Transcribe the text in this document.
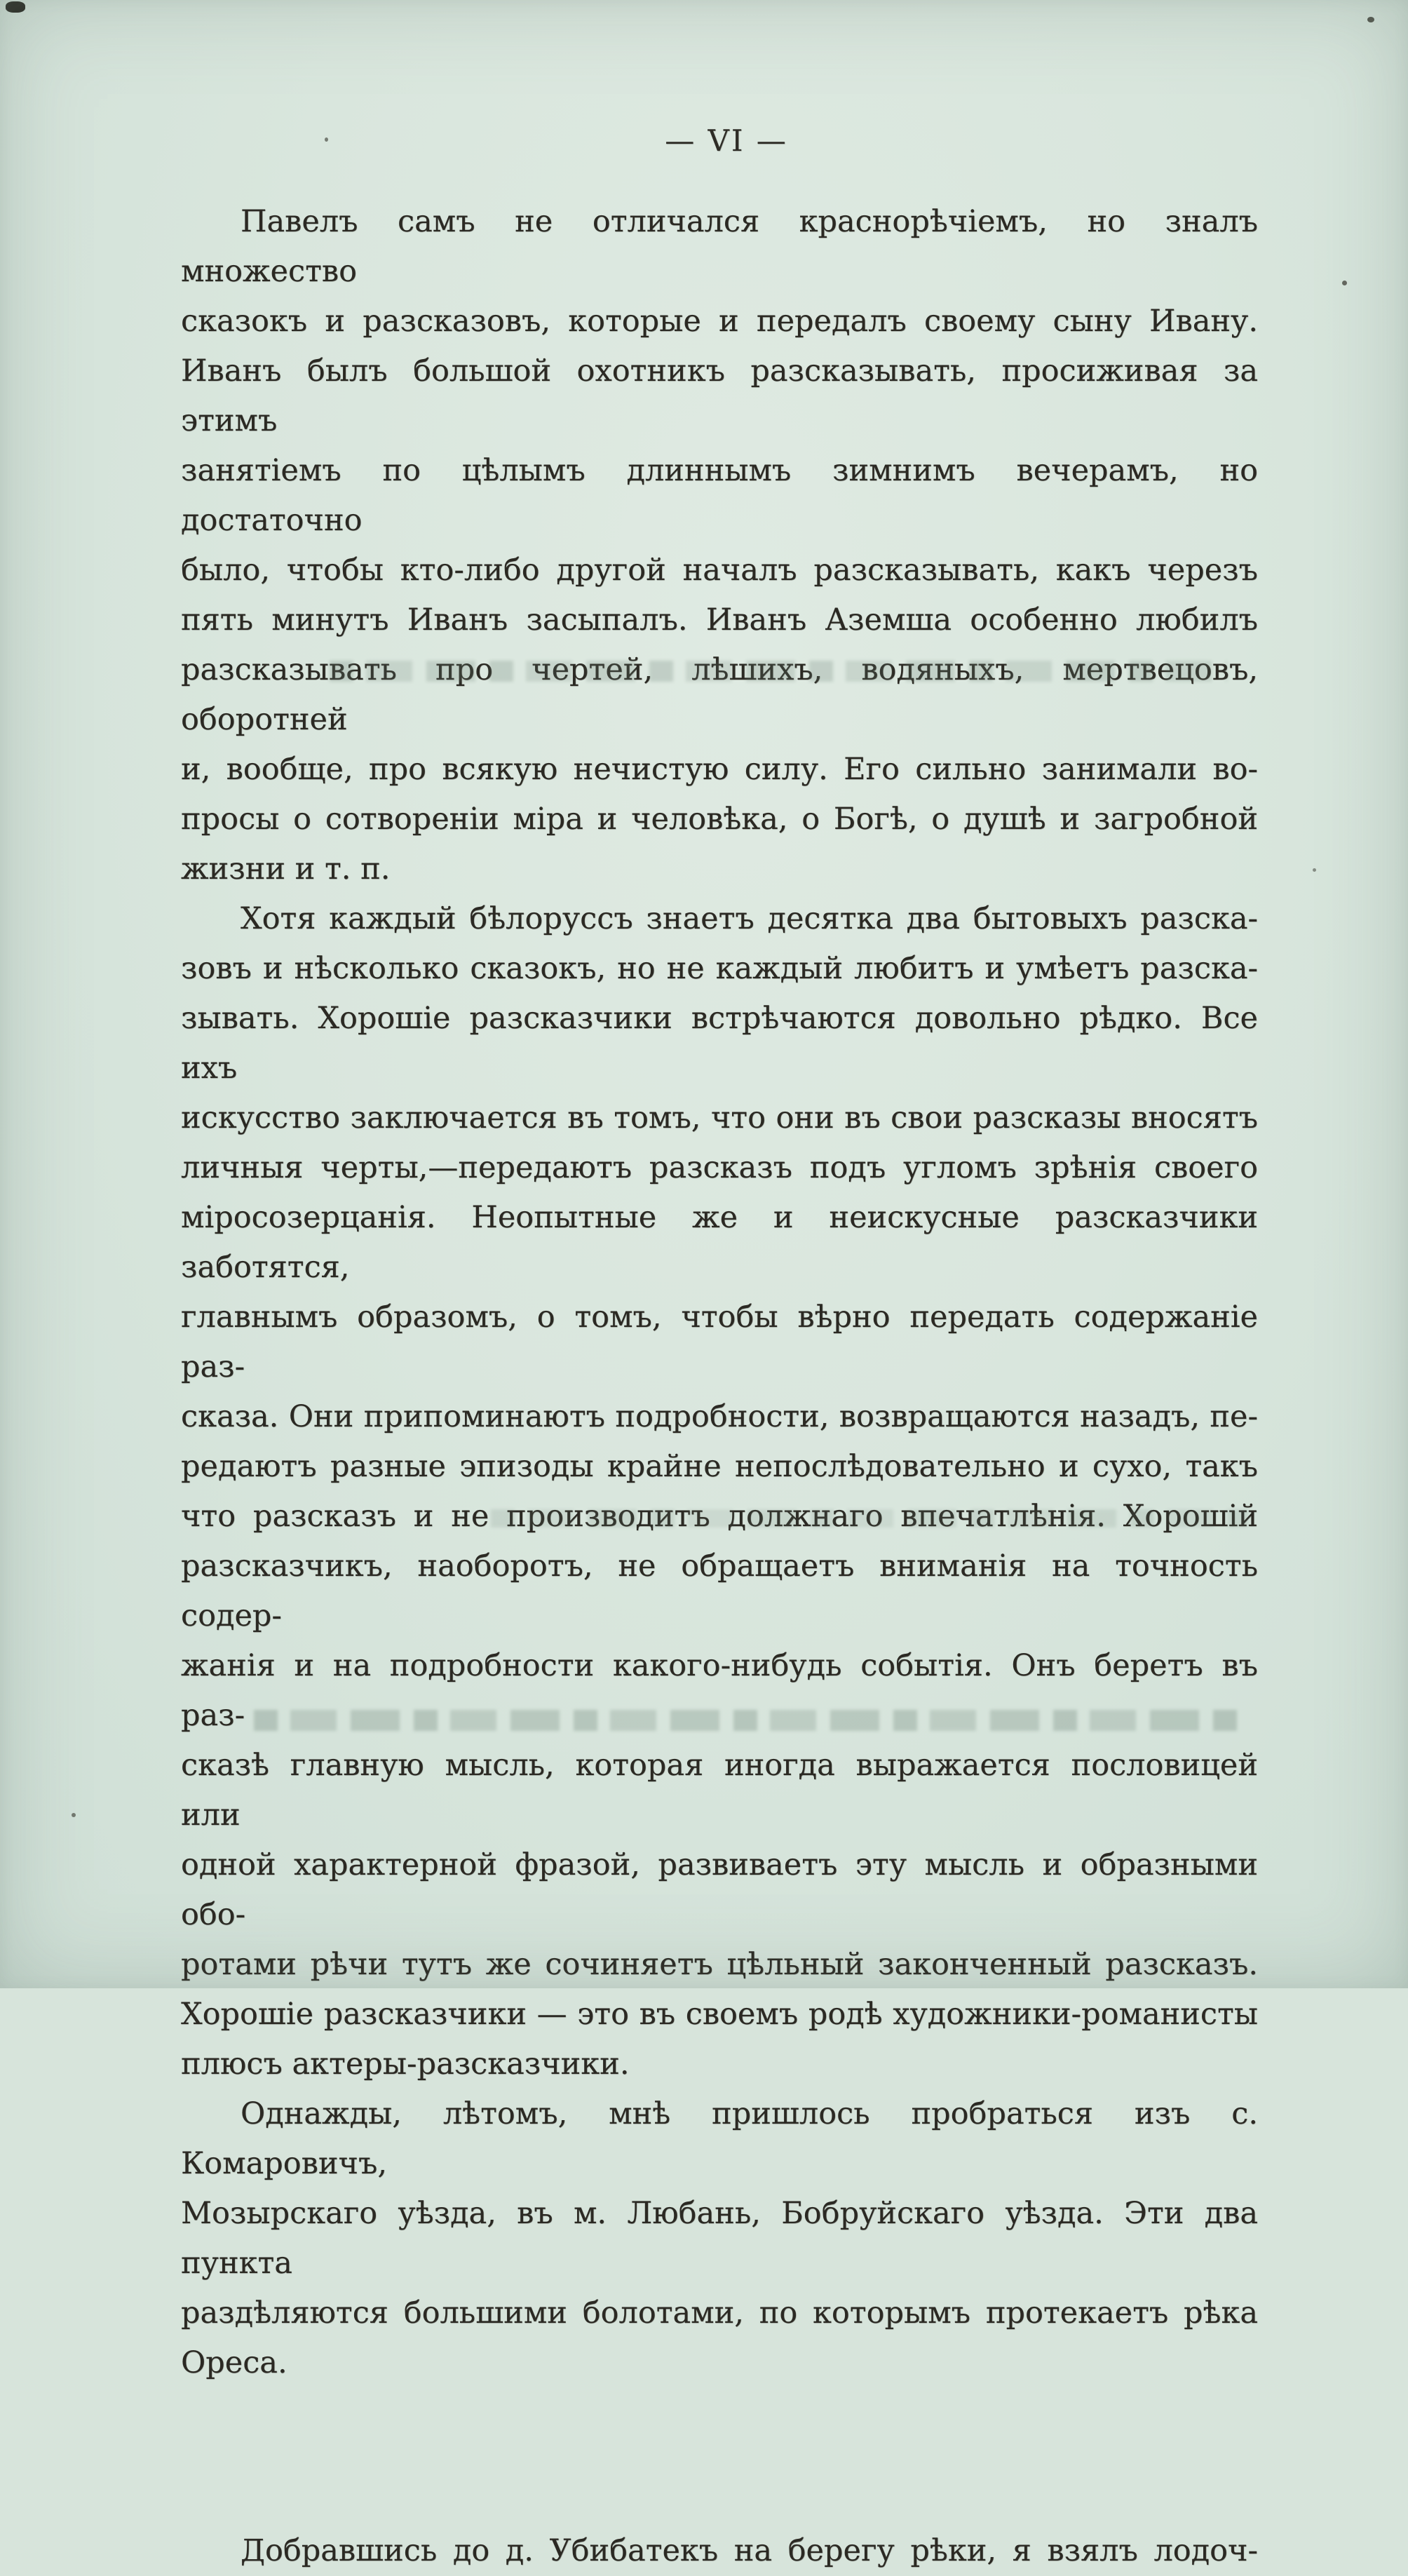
— VI —
Павелъ самъ не отличался краснорѣчіемъ, но зналъ множество
сказокъ и разсказовъ, которые и передалъ своему сыну Ивану.
Иванъ былъ большой охотникъ разсказывать, просиживая за этимъ
занятіемъ по цѣлымъ длиннымъ зимнимъ вечерамъ, но достаточно
было, чтобы кто-либо другой началъ разсказывать, какъ черезъ
пять минутъ Иванъ засыпалъ. Иванъ Аземша особенно любилъ
разсказывать про чертей, лѣшихъ, водяныхъ, мертвецовъ, оборотней
и, вообще, про всякую нечистую силу. Его сильно занимали во-
просы о сотвореніи міра и человѣка, о Богѣ, о душѣ и загробной
жизни и т. п.
Хотя каждый бѣлоруссъ знаетъ десятка два бытовыхъ разска-
зовъ и нѣсколько сказокъ, но не каждый любитъ и умѣетъ разска-
зывать. Хорошіе разсказчики встрѣчаются довольно рѣдко. Все ихъ
искусство заключается въ томъ, что они въ свои разсказы вносятъ
личныя черты,—передаютъ разсказъ подъ угломъ зрѣнія своего
міросозерцанія. Неопытные же и неискусные разсказчики заботятся,
главнымъ образомъ, о томъ, чтобы вѣрно передать содержаніе раз-
сказа. Они припоминаютъ подробности, возвращаются назадъ, пе-
редаютъ разные эпизоды крайне непослѣдовательно и сухо, такъ
что разсказъ и не производитъ должнаго впечатлѣнія. Хорошій
разсказчикъ, наоборотъ, не обращаетъ вниманія на точность содер-
жанія и на подробности какого-нибудь событія. Онъ беретъ въ раз-
сказѣ главную мысль, которая иногда выражается пословицей или
одной характерной фразой, развиваетъ эту мысль и образными обо-
ротами рѣчи тутъ же сочиняетъ цѣльный законченный разсказъ.
Хорошіе разсказчики — это въ своемъ родѣ художники-романисты
плюсъ актеры-разсказчики.
Однажды, лѣтомъ, мнѣ пришлось пробраться изъ с. Комаровичъ,
Мозырскаго уѣзда, въ м. Любань, Бобруйскаго уѣзда. Эти два пункта
раздѣляются большими болотами, по которымъ протекаетъ рѣка
Ореса.
Добравшись до д. Убибатекъ на берегу рѣки, я взялъ лодоч-
